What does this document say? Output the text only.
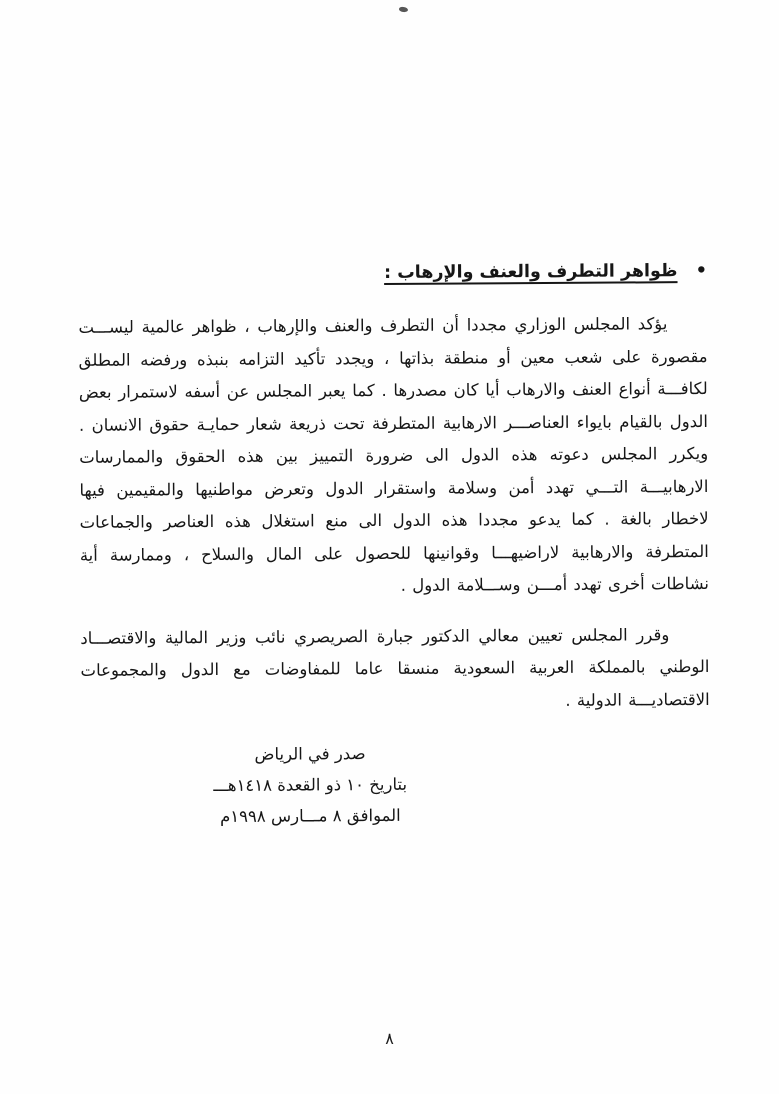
• ظواهر التطرف والعنف والإرهاب :

يؤكد المجلس الوزاري مجددا أن التطرف والعنف والإرهاب ، ظواهر عالمية ليســـت مقصورة على شعب معين أو منطقة بذاتها ، ويجدد تأكيد التزامه بنبذه ورفضه المطلق لكافـــة أنواع العنف والارهاب أيا كان مصدرها . كما يعبر المجلس عن أسفه لاستمرار بعض الدول بالقيام بايواء العناصـــر الارهابية المتطرفة تحت ذريعة شعار حمايـة حقوق الانسان . ويكرر المجلس دعوته هذه الدول الى ضرورة التمييز بين هذه الحقوق والممارسات الارهابيـــة التـــي تهدد أمن وسلامة واستقرار الدول وتعرض مواطنيها والمقيمين فيها لاخطار بالغة . كما يدعو مجددا هذه الدول الى منع استغلال هذه العناصر والجماعات المتطرفة والارهابية لاراضيهـــا وقوانينها للحصول على المال والسلاح ، وممارسة أية نشاطات أخرى تهدد أمـــن وســـلامة الدول .

وقرر المجلس تعيين معالي الدكتور جبارة الصريصري نائب وزير المالية والاقتصـــاد الوطني بالمملكة العربية السعودية منسقا عاما للمفاوضات مع الدول والمجموعات الاقتصاديـــة الدولية .

صدر في الرياض
بتاريخ ١٠ ذو القعدة ١٤١٨هـــ
الموافق ٨ مـــارس ١٩٩٨م
٨
